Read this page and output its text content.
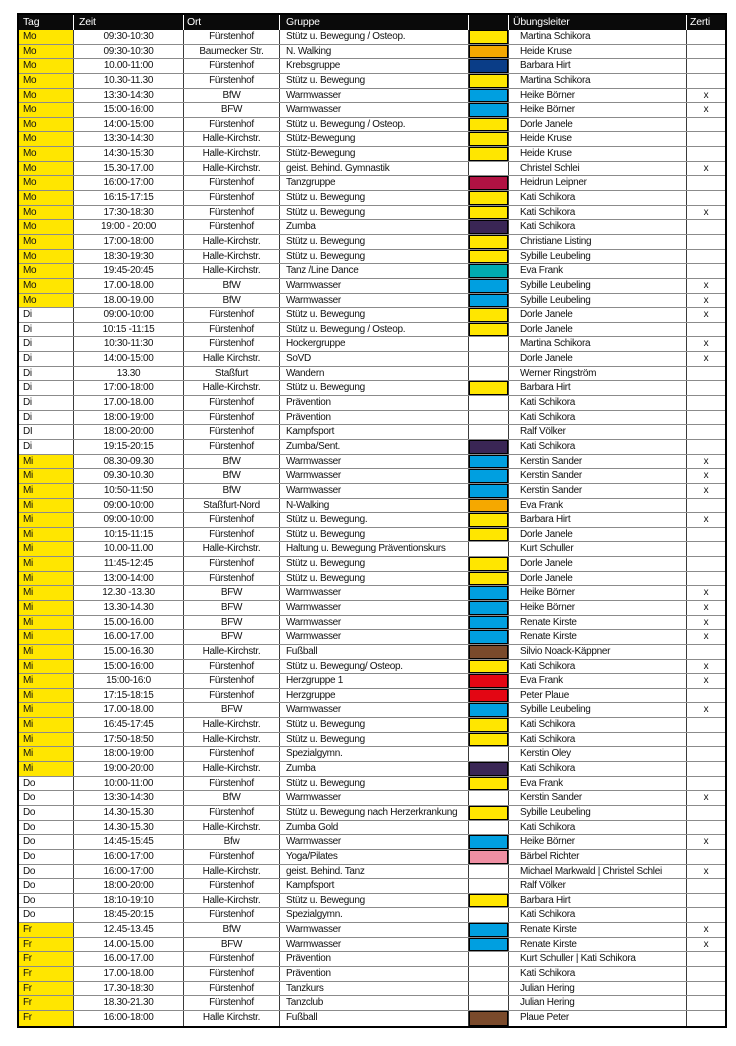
Tag	Zeit	Ort	Gruppe	Übungsleiter	Zerti
Mo	09:30-10:30	Fürstenhof	Stütz u. Bewegung / Osteop.	Martina Schikora
Mo	09:30-10:30	Baumecker Str.	N. Walking	Heide Kruse
Mo	10.00-11:00	Fürstenhof	Krebsgruppe	Barbara Hirt
Mo	10.30-11.30	Fürstenhof	Stütz u. Bewegung	Martina Schikora
Mo	13:30-14:30	BfW	Warmwasser	Heike Börner	x
Mo	15:00-16:00	BFW	Warmwasser	Heike Börner	x
Mo	14:00-15:00	Fürstenhof	Stütz u. Bewegung / Osteop.	Dorle Janele
Mo	13:30-14:30	Halle-Kirchstr.	Stütz-Bewegung	Heide Kruse
Mo	14:30-15:30	Halle-Kirchstr.	Stütz-Bewegung	Heide Kruse
Mo	15.30-17.00	Halle-Kirchstr.	geist. Behind. Gymnastik	Christel Schlei	x
Mo	16:00-17:00	Fürstenhof	Tanzgruppe	Heidrun Leipner
Mo	16:15-17:15	Fürstenhof	Stütz u. Bewegung	Kati Schikora
Mo	17:30-18:30	Fürstenhof	Stütz u. Bewegung	Kati Schikora	x
Mo	19:00 - 20:00	Fürstenhof	Zumba	Kati Schikora
Mo	17:00-18:00	Halle-Kirchstr.	Stütz u. Bewegung	Christiane Listing
Mo	18:30-19:30	Halle-Kirchstr.	Stütz u. Bewegung	Sybille Leubeling
Mo	19:45-20:45	Halle-Kirchstr.	Tanz /Line Dance	Eva Frank
Mo	17.00-18.00	BfW	Warmwasser	Sybille Leubeling	x
Mo	18.00-19.00	BfW	Warmwasser	Sybille Leubeling	x
Di	09:00-10:00	Fürstenhof	Stütz u. Bewegung	Dorle Janele	x
Di	10:15 -11:15	Fürstenhof	Stütz u. Bewegung / Osteop.	Dorle Janele
Di	10:30-11:30	Fürstenhof	Hockergruppe	Martina Schikora	x
Di	14:00-15:00	Halle Kirchstr.	SoVD	Dorle Janele	x
Di	13.30	Staßfurt	Wandern	Werner Ringström
Di	17:00-18:00	Halle-Kirchstr.	Stütz u. Bewegung	Barbara Hirt
Di	17.00-18.00	Fürstenhof	Prävention	Kati Schikora
Di	18:00-19:00	Fürstenhof	Prävention	Kati Schikora
DI	18:00-20:00	Fürstenhof	Kampfsport	Ralf Völker
Di	19:15-20:15	Fürstenhof	Zumba/Sent.	Kati Schikora
Mi	08.30-09.30	BfW	Warmwasser	Kerstin Sander	x
Mi	09.30-10.30	BfW	Warmwasser	Kerstin Sander	x
Mi	10:50-11:50	BfW	Warmwasser	Kerstin Sander	x
Mi	09:00-10:00	Staßfurt-Nord	N-Walking	Eva Frank
Mi	09:00-10:00	Fürstenhof	Stütz u. Bewegung.	Barbara Hirt	x
Mi	10:15-11:15	Fürstenhof	Stütz u. Bewegung	Dorle Janele
Mi	10.00-11.00	Halle-Kirchstr.	Haltung u. Bewegung Präventionskurs	Kurt Schuller
Mi	11:45-12:45	Fürstenhof	Stütz u. Bewegung	Dorle Janele
Mi	13:00-14:00	Fürstenhof	Stütz u. Bewegung	Dorle Janele
Mi	12.30 -13.30	BFW	Warmwasser	Heike Börner	x
Mi	13.30-14.30	BFW	Warmwasser	Heike Börner	x
Mi	15.00-16.00	BFW	Warmwasser	Renate Kirste	x
Mi	16.00-17.00	BFW	Warmwasser	Renate Kirste	x
Mi	15.00-16.30	Halle-Kirchstr.	Fußball	Silvio Noack-Käppner
Mi	15:00-16:00	Fürstenhof	Stütz u. Bewegung/ Osteop.	Kati Schikora	x
Mi	15:00-16:0	Fürstenhof	Herzgruppe 1	Eva Frank	x
Mi	17:15-18:15	Fürstenhof	Herzgruppe	Peter Plaue
Mi	17.00-18.00	BFW	Warmwasser	Sybille Leubeling	x
Mi	16:45-17:45	Halle-Kirchstr.	Stütz u. Bewegung	Kati Schikora
Mi	17:50-18:50	Halle-Kirchstr.	Stütz u. Bewegung	Kati Schikora
Mi	18:00-19:00	Fürstenhof	Spezialgymn.	Kerstin Oley
Mi	19:00-20:00	Halle-Kirchstr.	Zumba	Kati Schikora
Do	10:00-11:00	Fürstenhof	Stütz u. Bewegung	Eva Frank
Do	13:30-14:30	BfW	Warmwasser	Kerstin Sander	x
Do	14.30-15.30	Fürstenhof	Stütz u. Bewegung nach Herzerkrankung	Sybille Leubeling
Do	14.30-15.30	Halle-Kirchstr.	Zumba Gold	Kati Schikora
Do	14:45-15:45	Bfw	Warmwasser	Heike Börner	x
Do	16:00-17:00	Fürstenhof	Yoga/Pilates	Bärbel Richter
Do	16:00-17:00	Halle-Kirchstr.	geist. Behind. Tanz	Michael Markwald | Christel Schlei	x
Do	18:00-20:00	Fürstenhof	Kampfsport	Ralf Völker
Do	18:10-19:10	Halle-Kirchstr.	Stütz u. Bewegung	Barbara Hirt
Do	18:45-20:15	Fürstenhof	Spezialgymn.	Kati Schikora
Fr	12.45-13.45	BfW	Warmwasser	Renate Kirste	x
Fr	14.00-15.00	BFW	Warmwasser	Renate Kirste	x
Fr	16.00-17.00	Fürstenhof	Prävention	Kurt Schuller | Kati Schikora
Fr	17.00-18.00	Fürstenhof	Prävention	Kati Schikora
Fr	17.30-18:30	Fürstenhof	Tanzkurs	Julian Hering
Fr	18.30-21.30	Fürstenhof	Tanzclub	Julian Hering
Fr	16:00-18:00	Halle Kirchstr.	Fußball	Plaue Peter
